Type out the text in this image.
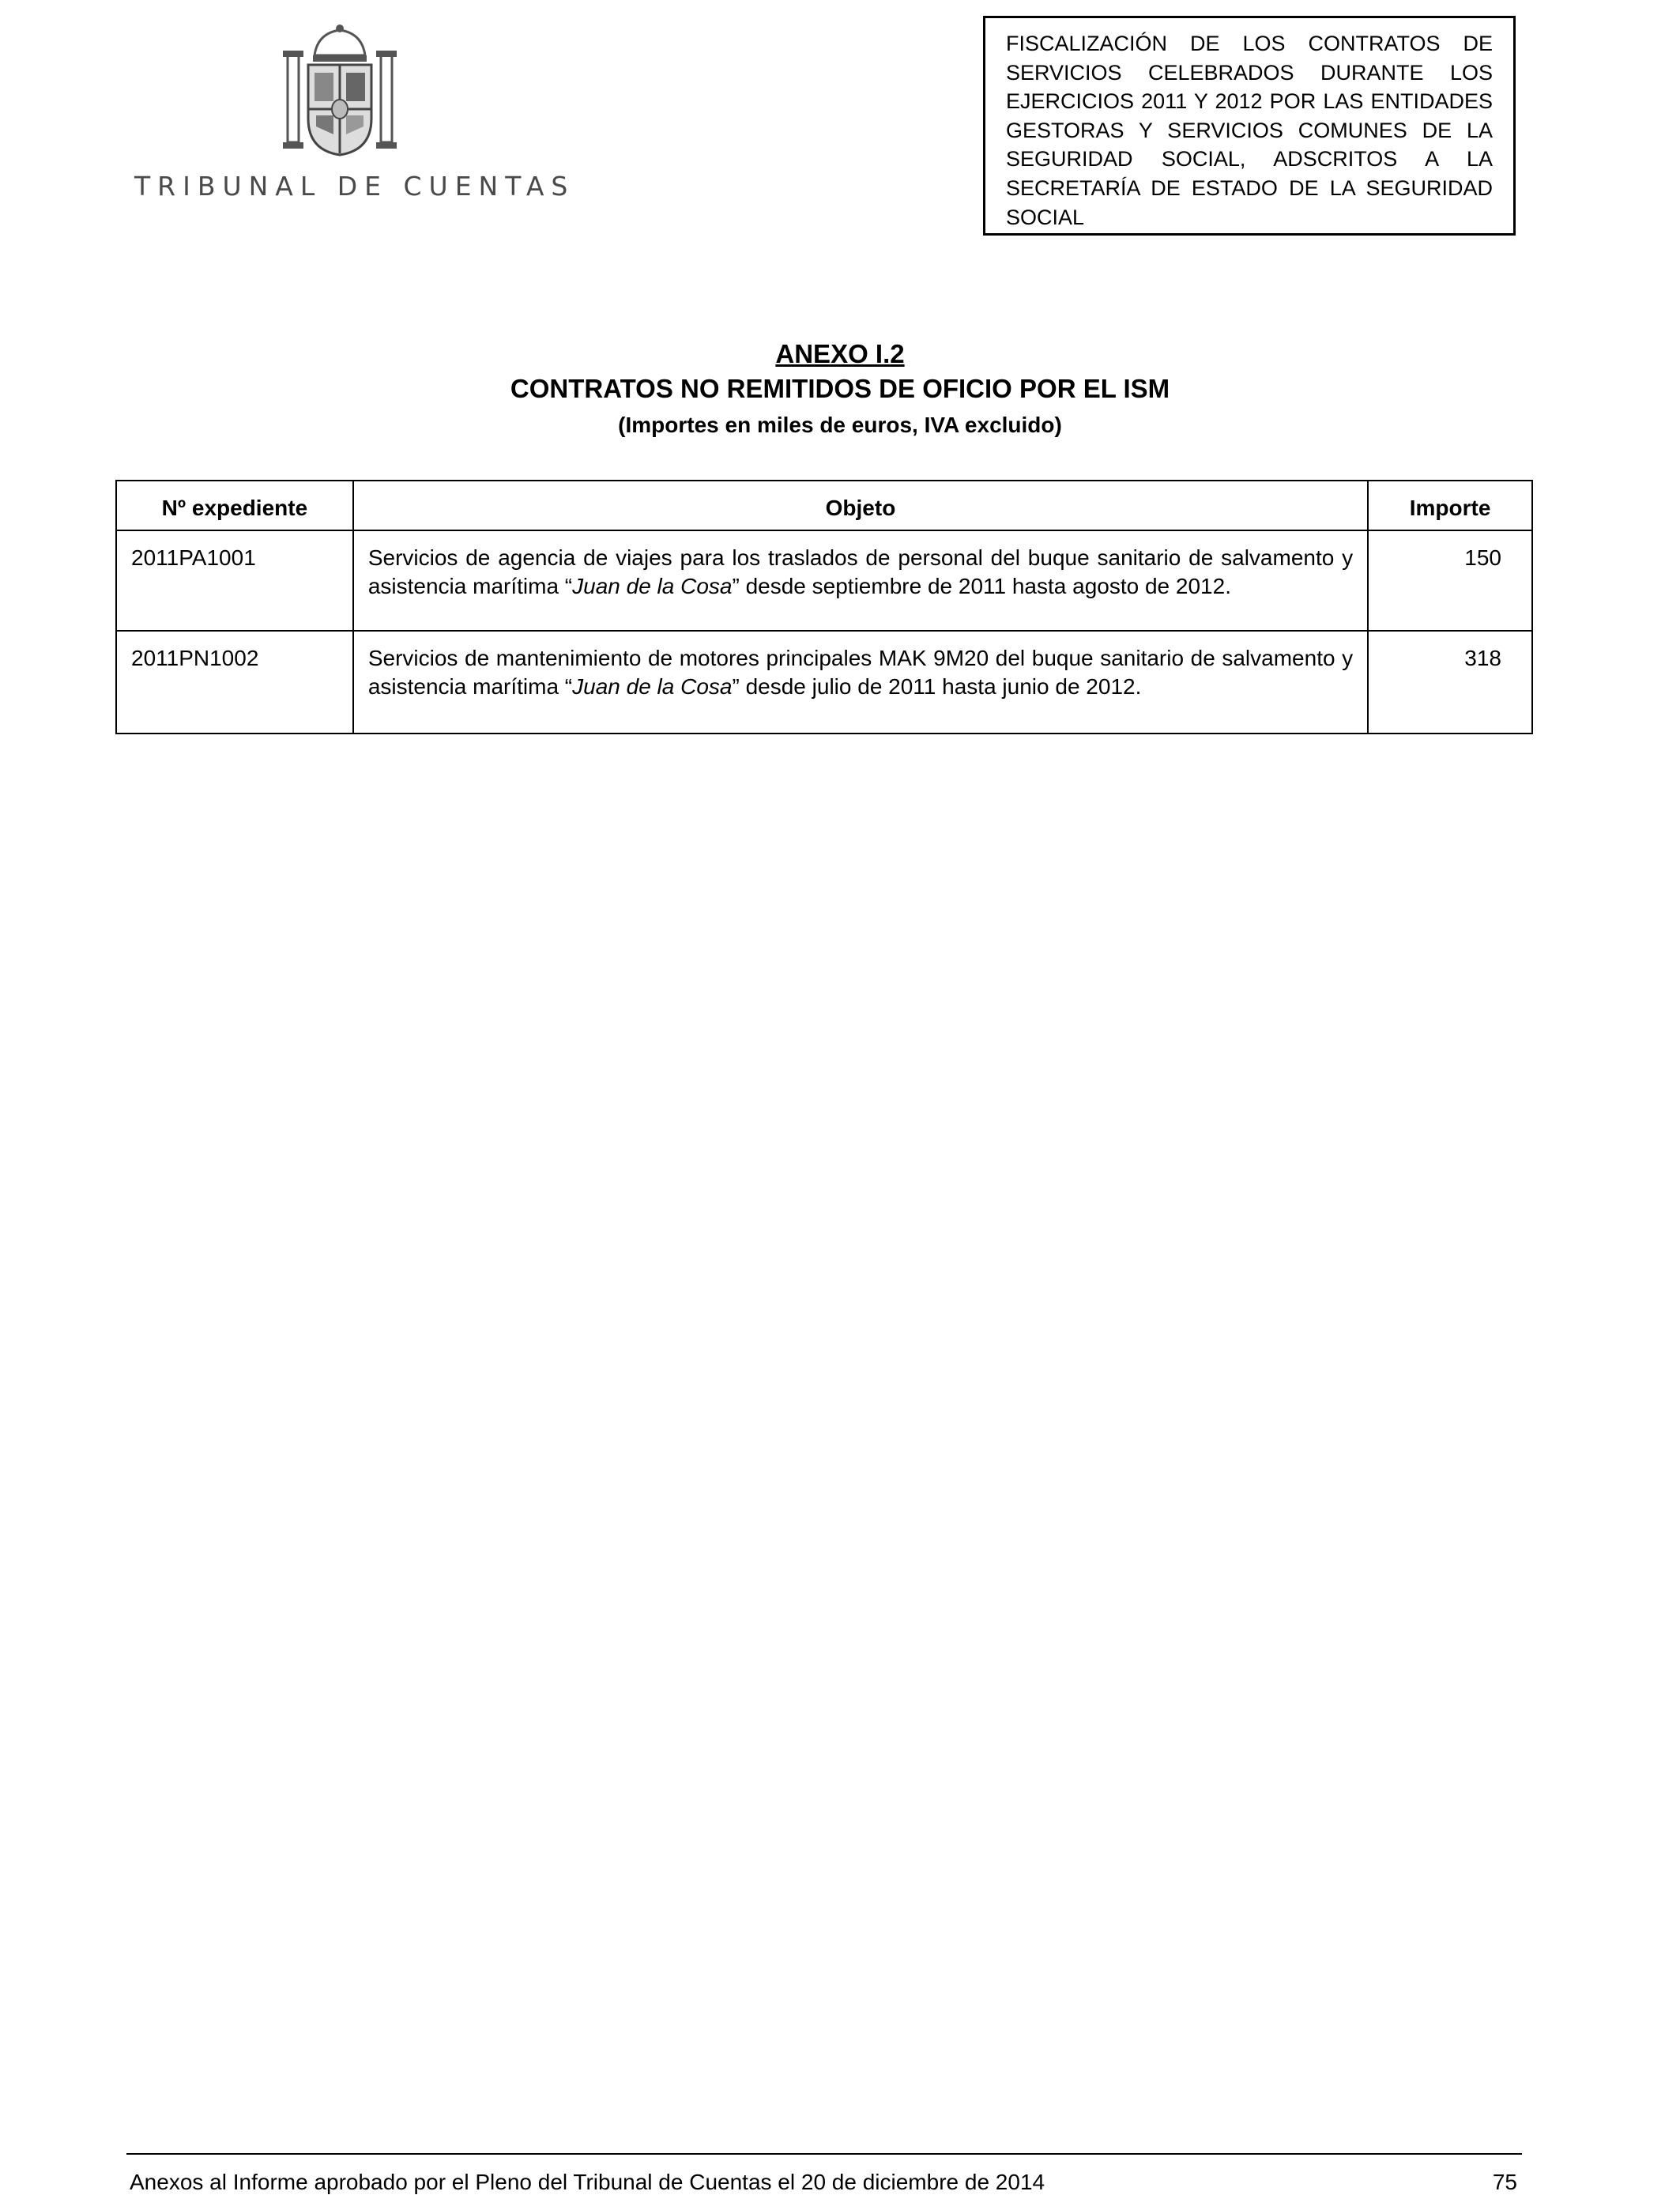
TRIBUNAL DE CUENTAS

FISCALIZACIÓN DE LOS CONTRATOS DE SERVICIOS CELEBRADOS DURANTE LOS EJERCICIOS 2011 Y 2012 POR LAS ENTIDADES GESTORAS Y SERVICIOS COMUNES DE LA SEGURIDAD SOCIAL, ADSCRITOS A LA SECRETARÍA DE ESTADO DE LA SEGURIDAD SOCIAL

ANEXO I.2
CONTRATOS NO REMITIDOS DE OFICIO POR EL ISM
(Importes en miles de euros, IVA excluido)
Nº expediente	Objeto	Importe
2011PA1001	Servicios de agencia de viajes para los traslados de personal del buque sanitario de salvamento y asistencia marítima “Juan de la Cosa” desde septiembre de 2011 hasta agosto de 2012.	150
2011PN1002	Servicios de mantenimiento de motores principales MAK 9M20 del buque sanitario de salvamento y asistencia marítima “Juan de la Cosa” desde julio de 2011 hasta junio de 2012.	318
Anexos al Informe aprobado por el Pleno del Tribunal de Cuentas el 20 de diciembre de 2014	75
